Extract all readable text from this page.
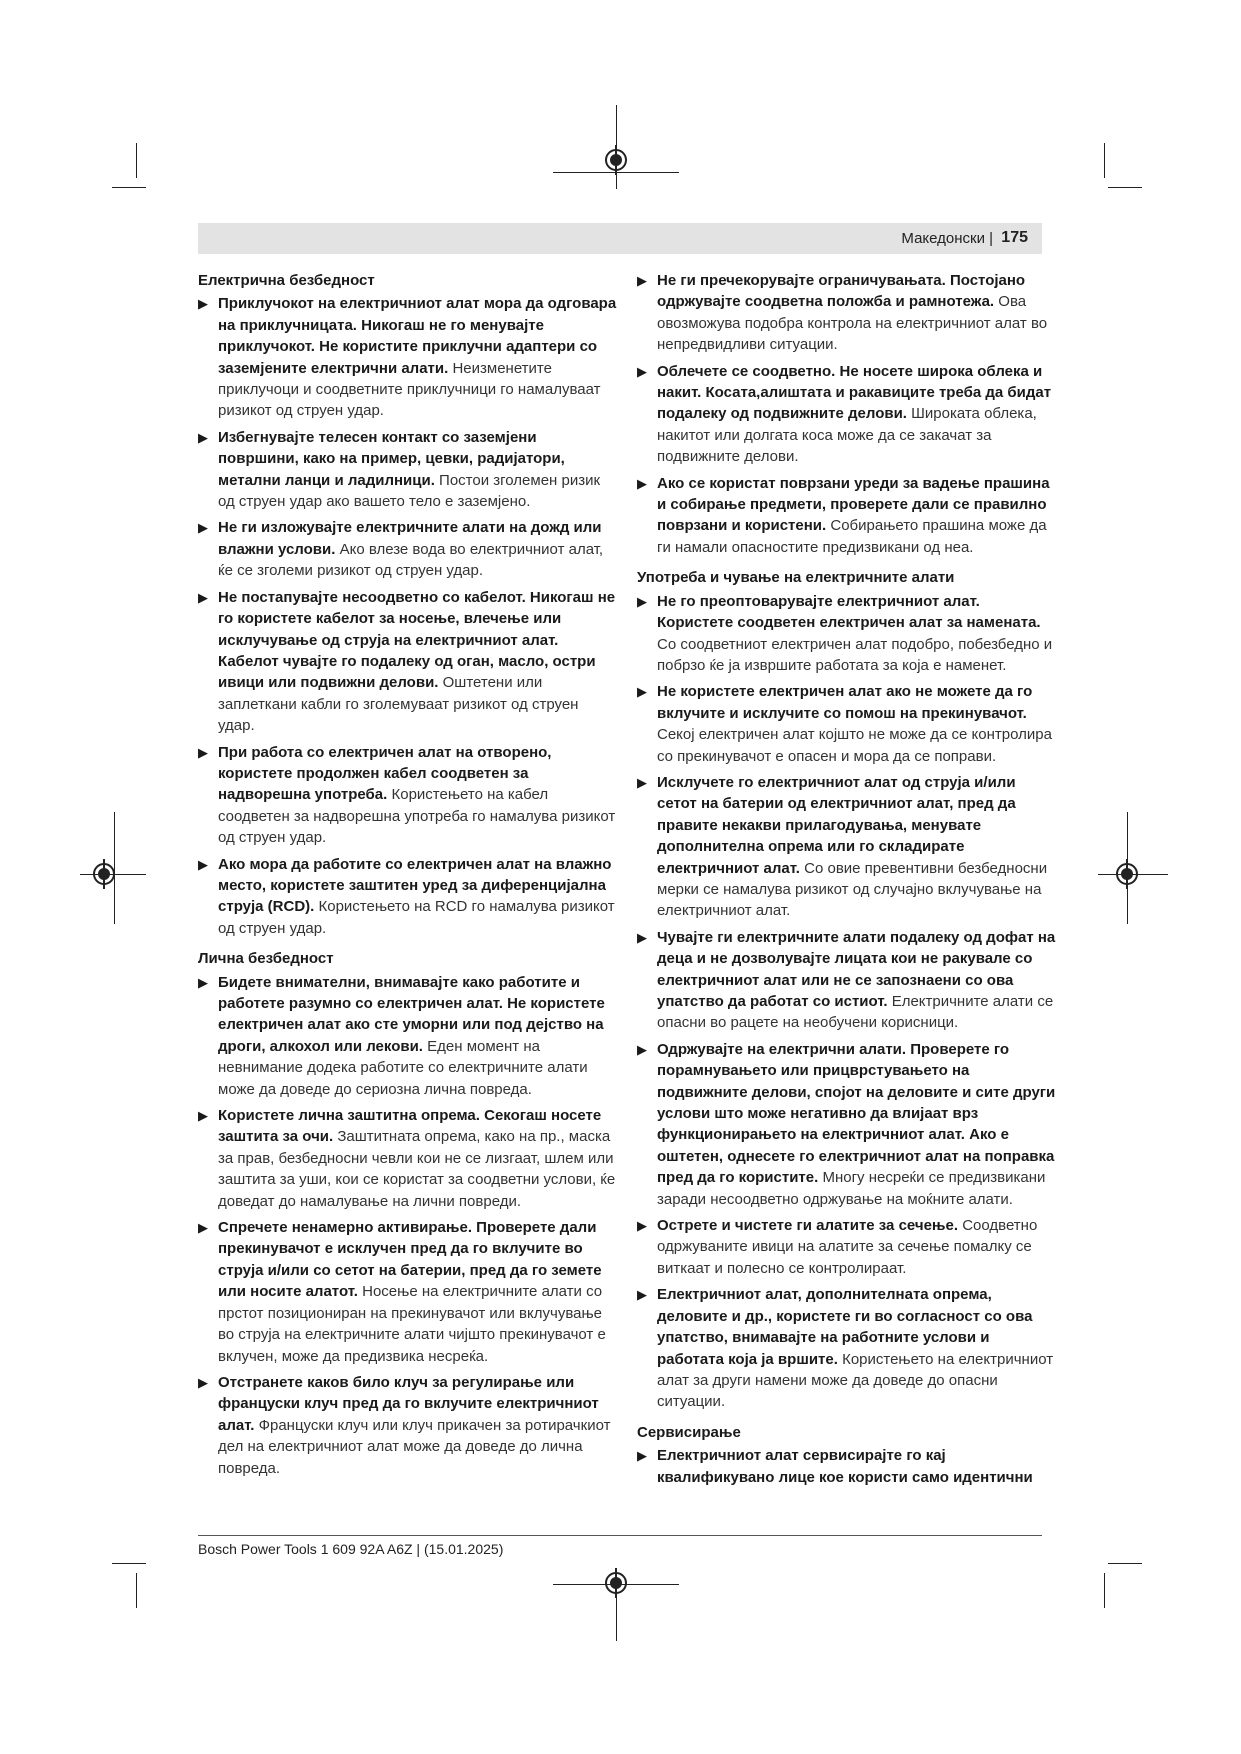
Македонски | 175
Електрична безбедност
▶ Приклучокот на електричниот алат мора да одговара на приклучницата. Никогаш не го менувајте приклучокот. Не користите приклучни адаптери со заземјените електрични алати. Неизменетите приклучоци и соодветните приклучници го намалуваат ризикот од струен удар.
▶ Избегнувајте телесен контакт со заземјени површини, како на пример, цевки, радијатори, метални ланци и ладилници. Постои зголемен ризик од струен удар ако вашето тело е заземјено.
▶ Не ги изложувајте електричните алати на дожд или влажни услови. Ако влезе вода во електричниот алат, ќе се зголеми ризикот од струен удар.
▶ Не постапувајте несоодветно со кабелот. Никогаш не го користете кабелот за носење, влечење или исклучување од струја на електричниот алат. Кабелот чувајте го подалеку од оган, масло, остри ивици или подвижни делови. Оштетени или заплеткани кабли го зголемуваат ризикот од струен удар.
▶ При работа со електричен алат на отворено, користете продолжен кабел соодветен за надворешна употреба. Користењето на кабел соодветен за надворешна употреба го намалува ризикот од струен удар.
▶ Ако мора да работите со електричен алат на влажно место, користете заштитен уред за диференцијална струја (RCD). Користењето на RCD го намалува ризикот од струен удар.
Лична безбедност
▶ Бидете внимателни, внимавајте како работите и работете разумно со електричен алат. Не користете електричен алат ако сте уморни или под дејство на дроги, алкохол или лекови. Еден момент на невнимание додека работите со електричните алати може да доведе до сериозна лична повреда.
▶ Користете лична заштитна опрема. Секогаш носете заштита за очи. Заштитната опрема, како на пр., маска за прав, безбедносни чевли кои не се лизгаат, шлем или заштита за уши, кои се користат за соодветни услови, ќе доведат до намалување на лични повреди.
▶ Спречете ненамерно активирање. Проверете дали прекинувачот е исклучен пред да го вклучите во струја и/или со сетот на батерии, пред да го земете или носите алатот. Носење на електричните алати со прстот позициониран на прекинувачот или вклучување во струја на електричните алати чијшто прекинувачот е вклучен, може да предизвика несреќа.
▶ Отстранете каков било клуч за регулирање или француски клуч пред да го вклучите електричниот алат. Француски клуч или клуч прикачен за ротирачкиот дел на електричниот алат може да доведе до лична повреда.
▶ Не ги пречекорувајте ограничувањата. Постојано одржувајте соодветна положба и рамнотежа. Ова овозможува подобра контрола на електричниот алат во непредвидливи ситуации.
▶ Облечете се соодветно. Не носете широка облека и накит. Косата,алиштата и ракавиците треба да бидат подалеку од подвижните делови. Широката облека, накитот или долгата коса може да се закачат за подвижните делови.
▶ Ако се користат поврзани уреди за вадење прашина и собирање предмети, проверете дали се правилно поврзани и користени. Собирањето прашина може да ги намали опасностите предизвикани од неа.
Употреба и чување на електричните алати
▶ Не го преоптоварувајте електричниот алат. Користете соодветен електричен алат за намената. Со соодветниот електричен алат подобро, побезбедно и побрзо ќе ја извршите работата за која е наменет.
▶ Не користете електричен алат ако не можете да го вклучите и исклучите со помош на прекинувачот. Секој електричен алат којшто не може да се контролира со прекинувачот е опасен и мора да се поправи.
▶ Исклучете го електричниот алат од струја и/или сетот на батерии од електричниот алат, пред да правите некакви прилагодувања, менувате дополнителна опрема или го складирате електричниот алат. Со овие превентивни безбедносни мерки се намалува ризикот од случајно вклучување на електричниот алат.
▶ Чувајте ги електричните алати подалеку од дофат на деца и не дозволувајте лицата кои не ракувале со електричниот алат или не се запознаени со ова упатство да работат со истиот. Електричните алати се опасни во рацете на необучени корисници.
▶ Одржувајте на електрични алати. Проверете го порамнувањето или прицврстувањето на подвижните делови, спојот на деловите и сите други услови што може негативно да влијаат врз функционирањето на електричниот алат. Ако е оштетен, однесете го електричниот алат на поправка пред да го користите. Многу несреќи се предизвикани заради несоодветно одржување на моќните алати.
▶ Острете и чистете ги алатите за сечење. Соодветно одржуваните ивици на алатите за сечење помалку се виткаат и полесно се контролираат.
▶ Електричниот алат, дополнителната опрема, деловите и др., користете ги во согласност со ова упатство, внимавајте на работните услови и работата која ја вршите. Користењето на електричниот алат за други намени може да доведе до опасни ситуации.
Сервисирање
▶ Електричниот алат сервисирајте го кај квалификувано лице кое користи само идентични
Bosch Power Tools 1 609 92A A6Z | (15.01.2025)
